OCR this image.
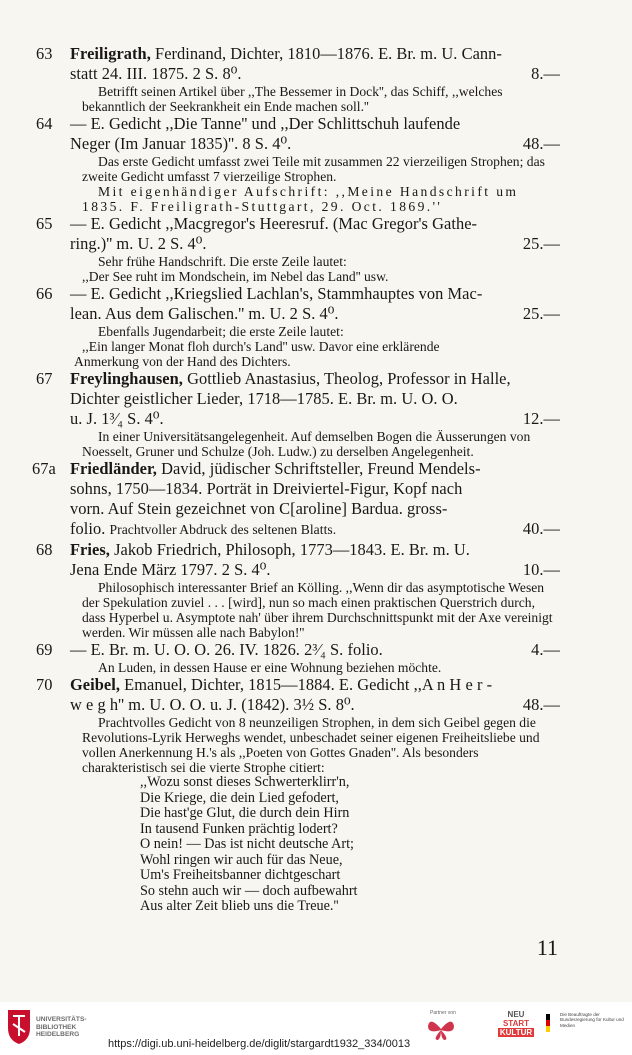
63 Freiligrath, Ferdinand, Dichter, 1810—1876. E. Br. m. U. Cann-
statt 24. III. 1875. 2 S. 8⁰.	8.—
Betrifft seinen Artikel über ,,The Bessemer in Dock'', das Schiff, ,,welches bekanntlich der Seekrankheit ein Ende machen soll.''
64 — E. Gedicht ,,Die Tanne'' und ,,Der Schlittschuh laufende
Neger (Im Januar 1835)''. 8 S. 4⁰.	48.—
Das erste Gedicht umfasst zwei Teile mit zusammen 22 vierzeiligen Strophen; das zweite Gedicht umfasst 7 vierzeilige Strophen.
Mit eigenhändiger Aufschrift: ,,Meine Handschrift um 1835. F. Freiligrath-Stuttgart, 29. Oct. 1869.''
65 — E. Gedicht ,,Macgregor's Heeresruf. (Mac Gregor's Gathe-
ring.)'' m. U. 2 S. 4⁰.	25.—
Sehr frühe Handschrift. Die erste Zeile lautet:
,,Der See ruht im Mondschein, im Nebel das Land'' usw.
66 — E. Gedicht ,,Kriegslied Lachlan's, Stammhauptes von Mac-
lean. Aus dem Galischen.'' m. U. 2 S. 4⁰.	25.—
Ebenfalls Jugendarbeit; die erste Zeile lautet:
,,Ein langer Monat floh durch's Land'' usw. Davor eine erklärende
Anmerkung von der Hand des Dichters.
67 Freylinghausen, Gottlieb Anastasius, Theolog, Professor in Halle,
Dichter geistlicher Lieder, 1718—1785. E. Br. m. U. O. O.
u. J. 1³⁄₄ S. 4⁰.	12.—
In einer Universitätsangelegenheit. Auf demselben Bogen die Äusserungen von Noesselt, Gruner und Schulze (Joh. Ludw.) zu derselben Angelegenheit.
67a Friedländer, David, jüdischer Schriftsteller, Freund Mendels-
sohns, 1750—1834. Porträt in Dreiviertel-Figur, Kopf nach
vorn. Auf Stein gezeichnet von C[aroline] Bardua. gross-
folio. Prachtvoller Abdruck des seltenen Blatts.	40.—
68 Fries, Jakob Friedrich, Philosoph, 1773—1843. E. Br. m. U.
Jena Ende März 1797. 2 S. 4⁰.	10.—
Philosophisch interessanter Brief an Kölling. ,,Wenn dir das asymptotische Wesen der Spekulation zuviel . . . [wird], nun so mach einen praktischen Querstrich durch, dass Hyperbel u. Asymptote nah' über ihrem Durchschnittspunkt mit der Axe vereinigt werden. Wir müssen alle nach Babylon!''
69 — E. Br. m. U. O. O. 26. IV. 1826. 2³⁄₄ S. folio.	4.—
An Luden, in dessen Hause er eine Wohnung beziehen möchte.
70 Geibel, Emanuel, Dichter, 1815—1884. E. Gedicht ,,A n H e r -
w e g h'' m. U. O. O. u. J. (1842). 3½ S. 8⁰.	48.—
Prachtvolles Gedicht von 8 neunzeiligen Strophen, in dem sich Geibel gegen die Revolutions-Lyrik Herweghs wendet, unbeschadet seiner eigenen Freiheitsliebe und vollen Anerkennung H.'s als ,,Poeten von Gottes Gnaden''. Als besonders charakteristisch sei die vierte Strophe citiert:
,,Wozu sonst dieses Schwerterklirr'n,
Die Kriege, die dein Lied gefodert,
Die hast'ge Glut, die durch dein Hirn
In tausend Funken prächtig lodert?
O nein! — Das ist nicht deutsche Art;
Wohl ringen wir auch für das Neue,
Um's Freiheitsbanner dichtgeschart
So stehn auch wir — doch aufbewahrt
Aus alter Zeit blieb uns die Treue.''
11
UNIVERSITÄTS-
BIBLIOTHEK
HEIDELBERG
https://digi.ub.uni-heidelberg.de/diglit/stargardt1932_334/0013
Partner von	NEU
START
KULTUR
Die Beauftragte der Bundesregierung für Kultur und Medien
